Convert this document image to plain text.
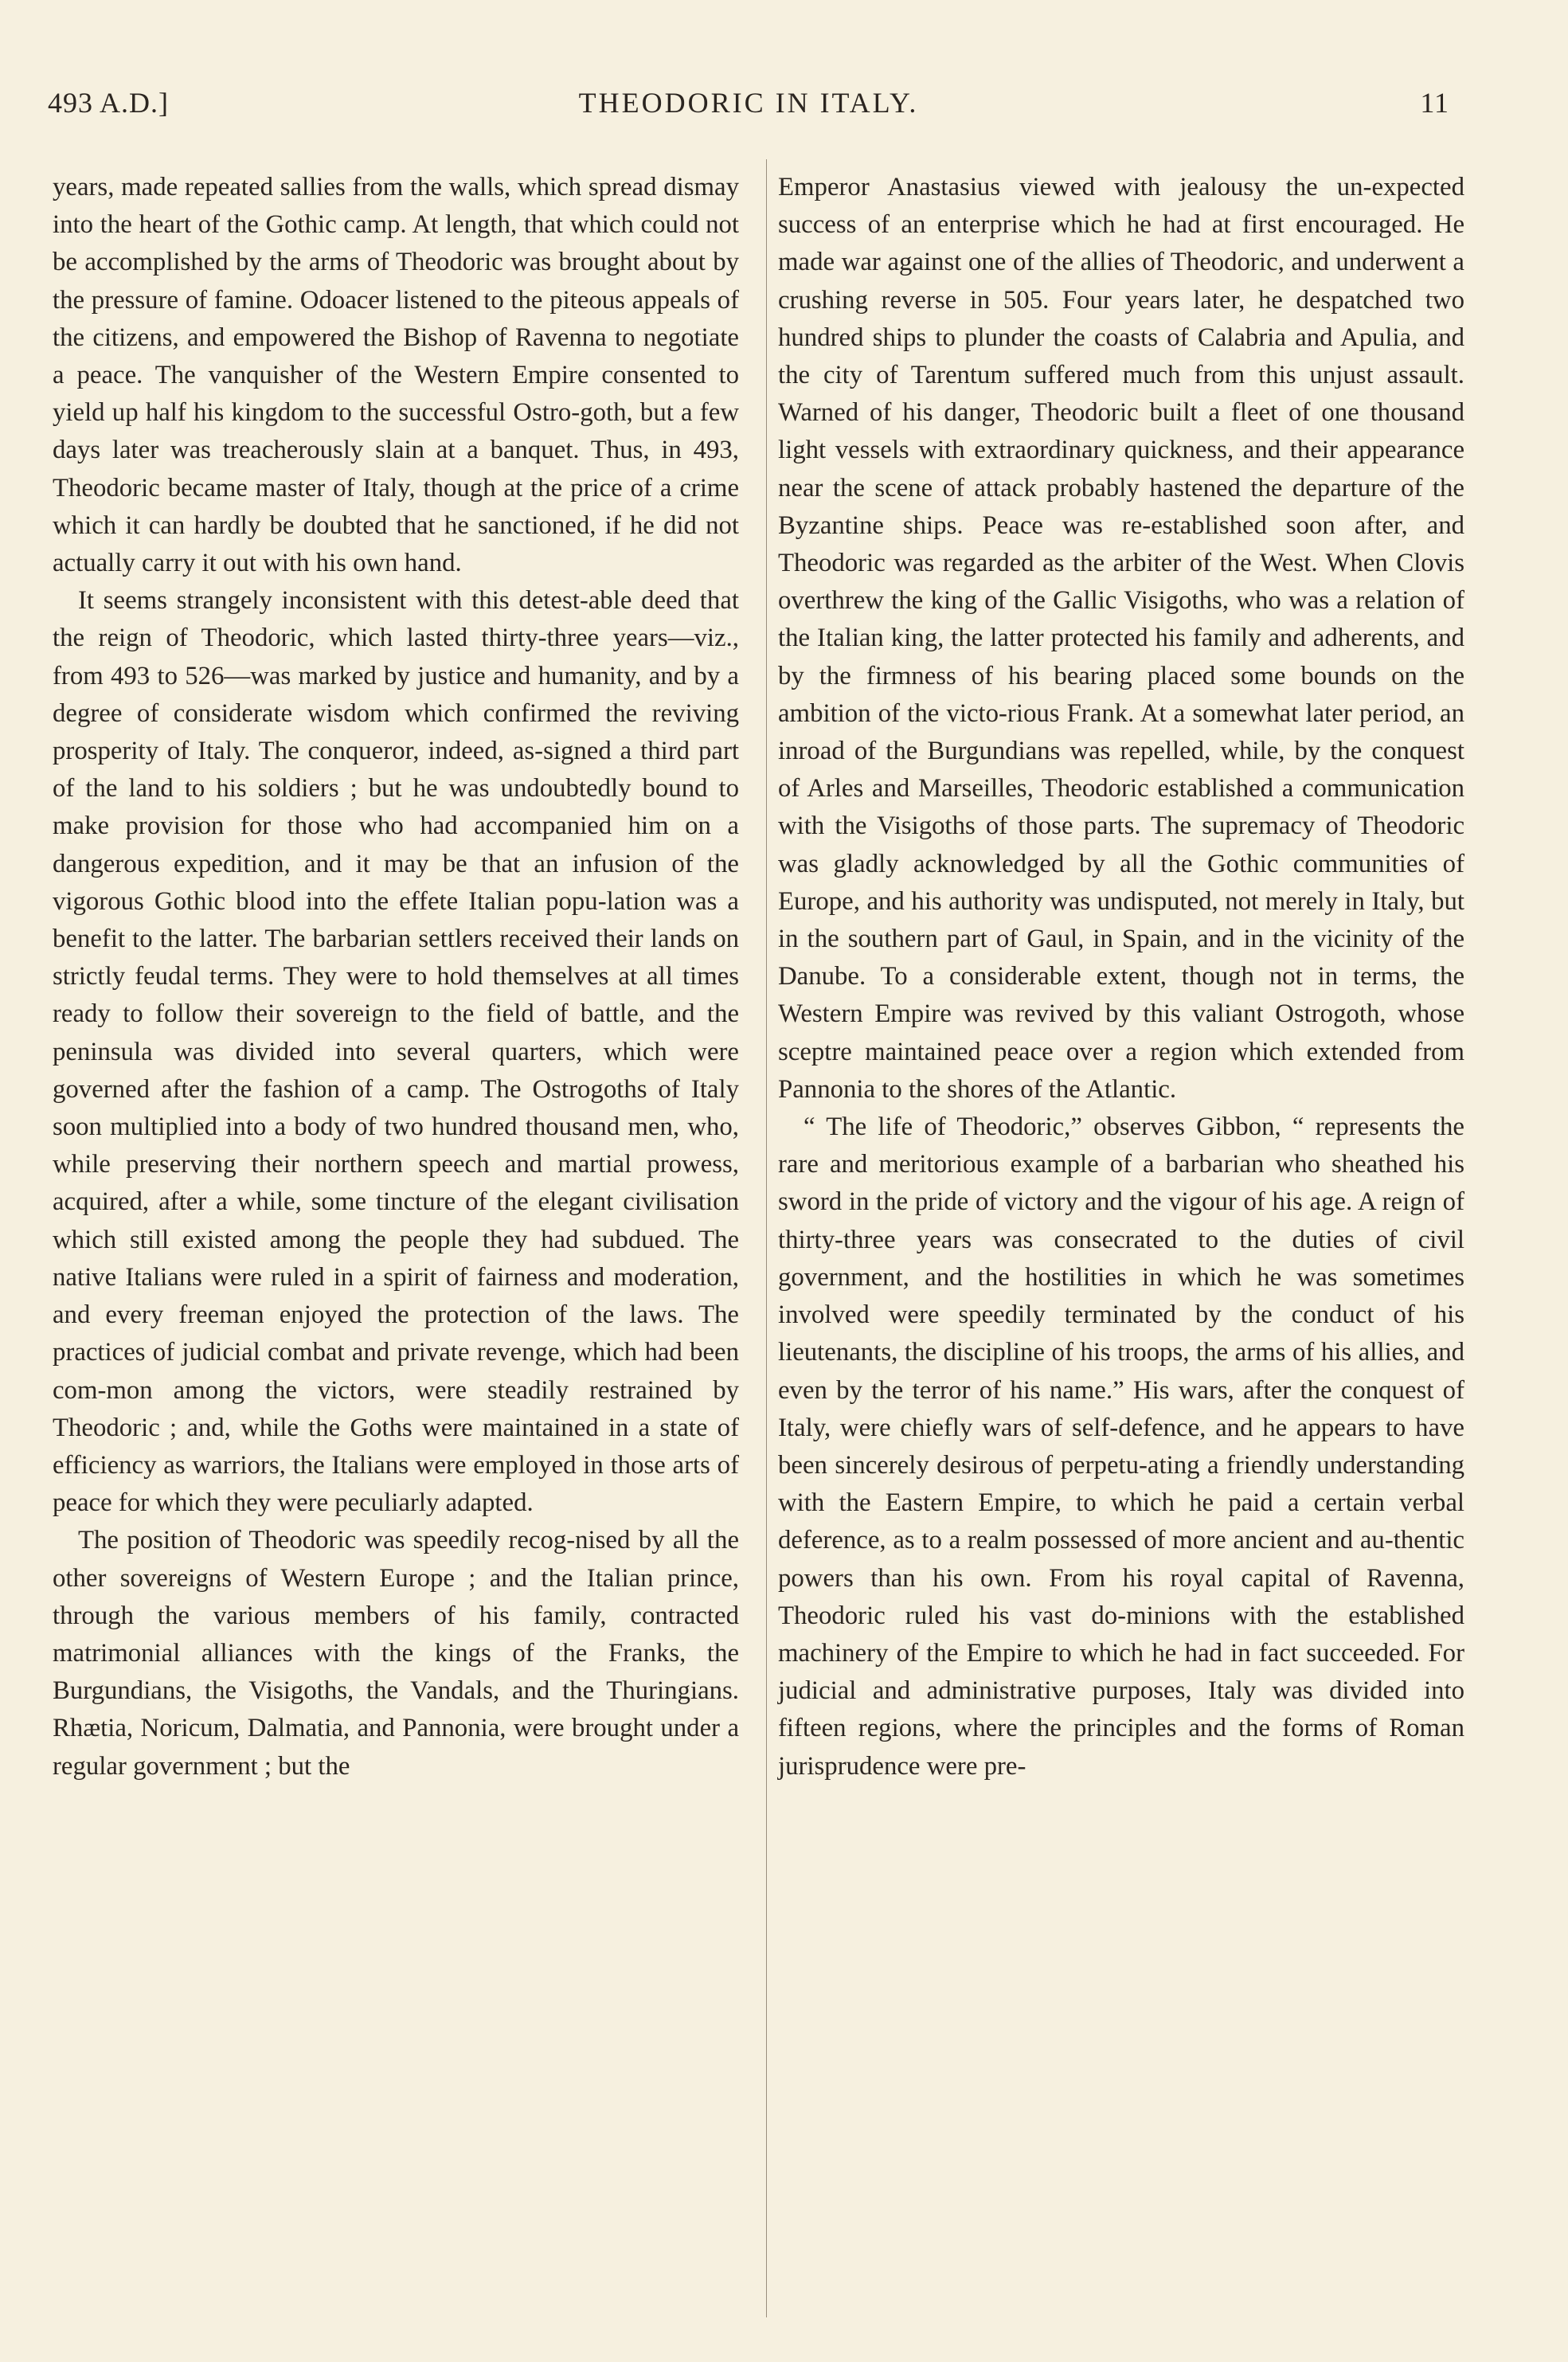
493 A.D.]	THEODORIC IN ITALY.	11

years, made repeated sallies from the walls, which spread dismay into the heart of the Gothic camp. At length, that which could not be accomplished by the arms of Theodoric was brought about by the pressure of famine. Odoacer listened to the piteous appeals of the citizens, and empowered the Bishop of Ravenna to negotiate a peace. The vanquisher of the Western Empire consented to yield up half his kingdom to the successful Ostro-goth, but a few days later was treacherously slain at a banquet. Thus, in 493, Theodoric became master of Italy, though at the price of a crime which it can hardly be doubted that he sanctioned, if he did not actually carry it out with his own hand.

It seems strangely inconsistent with this detest-able deed that the reign of Theodoric, which lasted thirty-three years—viz., from 493 to 526—was marked by justice and humanity, and by a degree of considerate wisdom which confirmed the reviving prosperity of Italy. The conqueror, indeed, as-signed a third part of the land to his soldiers ; but he was undoubtedly bound to make provision for those who had accompanied him on a dangerous expedition, and it may be that an infusion of the vigorous Gothic blood into the effete Italian popu-lation was a benefit to the latter. The barbarian settlers received their lands on strictly feudal terms. They were to hold themselves at all times ready to follow their sovereign to the field of battle, and the peninsula was divided into several quarters, which were governed after the fashion of a camp. The Ostrogoths of Italy soon multiplied into a body of two hundred thousand men, who, while preserving their northern speech and martial prowess, acquired, after a while, some tincture of the elegant civilisation which still existed among the people they had subdued. The native Italians were ruled in a spirit of fairness and moderation, and every freeman enjoyed the protection of the laws. The practices of judicial combat and private revenge, which had been com-mon among the victors, were steadily restrained by Theodoric ; and, while the Goths were maintained in a state of efficiency as warriors, the Italians were employed in those arts of peace for which they were peculiarly adapted.

The position of Theodoric was speedily recog-nised by all the other sovereigns of Western Europe ; and the Italian prince, through the various members of his family, contracted matrimonial alliances with the kings of the Franks, the Burgundians, the Visigoths, the Vandals, and the Thuringians. Rhætia, Noricum, Dalmatia, and Pannonia, were brought under a regular government ; but the

Emperor Anastasius viewed with jealousy the un-expected success of an enterprise which he had at first encouraged. He made war against one of the allies of Theodoric, and underwent a crushing reverse in 505. Four years later, he despatched two hundred ships to plunder the coasts of Calabria and Apulia, and the city of Tarentum suffered much from this unjust assault. Warned of his danger, Theodoric built a fleet of one thousand light vessels with extraordinary quickness, and their appearance near the scene of attack probably hastened the departure of the Byzantine ships. Peace was re-established soon after, and Theodoric was regarded as the arbiter of the West. When Clovis overthrew the king of the Gallic Visigoths, who was a relation of the Italian king, the latter protected his family and adherents, and by the firmness of his bearing placed some bounds on the ambition of the victo-rious Frank. At a somewhat later period, an inroad of the Burgundians was repelled, while, by the conquest of Arles and Marseilles, Theodoric established a communication with the Visigoths of those parts. The supremacy of Theodoric was gladly acknowledged by all the Gothic communities of Europe, and his authority was undisputed, not merely in Italy, but in the southern part of Gaul, in Spain, and in the vicinity of the Danube. To a considerable extent, though not in terms, the Western Empire was revived by this valiant Ostrogoth, whose sceptre maintained peace over a region which extended from Pannonia to the shores of the Atlantic.

“ The life of Theodoric,” observes Gibbon, “ represents the rare and meritorious example of a barbarian who sheathed his sword in the pride of victory and the vigour of his age. A reign of thirty-three years was consecrated to the duties of civil government, and the hostilities in which he was sometimes involved were speedily terminated by the conduct of his lieutenants, the discipline of his troops, the arms of his allies, and even by the terror of his name.” His wars, after the conquest of Italy, were chiefly wars of self-defence, and he appears to have been sincerely desirous of perpetu-ating a friendly understanding with the Eastern Empire, to which he paid a certain verbal deference, as to a realm possessed of more ancient and au-thentic powers than his own. From his royal capital of Ravenna, Theodoric ruled his vast do-minions with the established machinery of the Empire to which he had in fact succeeded. For judicial and administrative purposes, Italy was divided into fifteen regions, where the principles and the forms of Roman jurisprudence were pre-
